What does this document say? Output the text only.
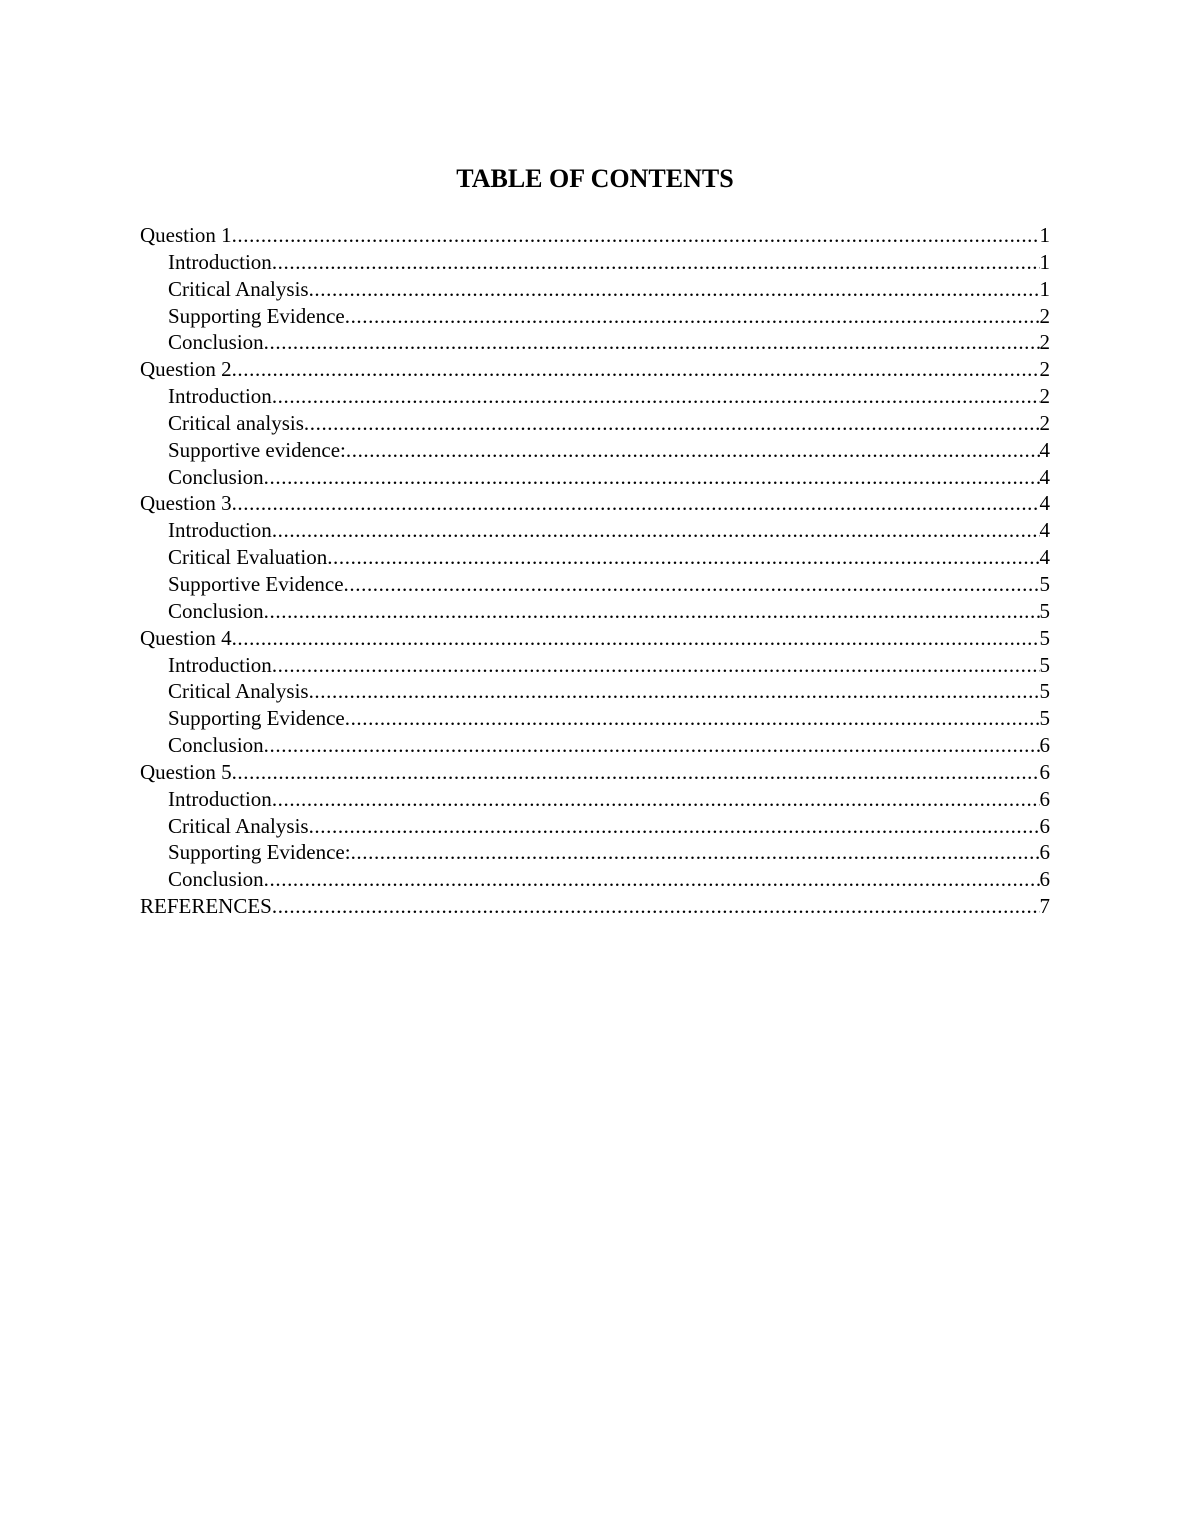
TABLE OF CONTENTS
Question 1 .....	1
Introduction .....	1
Critical Analysis .....	1
Supporting Evidence .....	2
Conclusion .....	2
Question 2 .....	2
Introduction .....	2
Critical analysis .....	2
Supportive evidence: .....	4
Conclusion .....	4
Question 3 .....	4
Introduction .....	4
Critical Evaluation .....	4
Supportive Evidence .....	5
Conclusion .....	5
Question 4 .....	5
Introduction .....	5
Critical Analysis .....	5
Supporting Evidence .....	5
Conclusion .....	6
Question 5 .....	6
Introduction .....	6
Critical Analysis .....	6
Supporting Evidence: .....	6
Conclusion .....	6
REFERENCES .....	7
